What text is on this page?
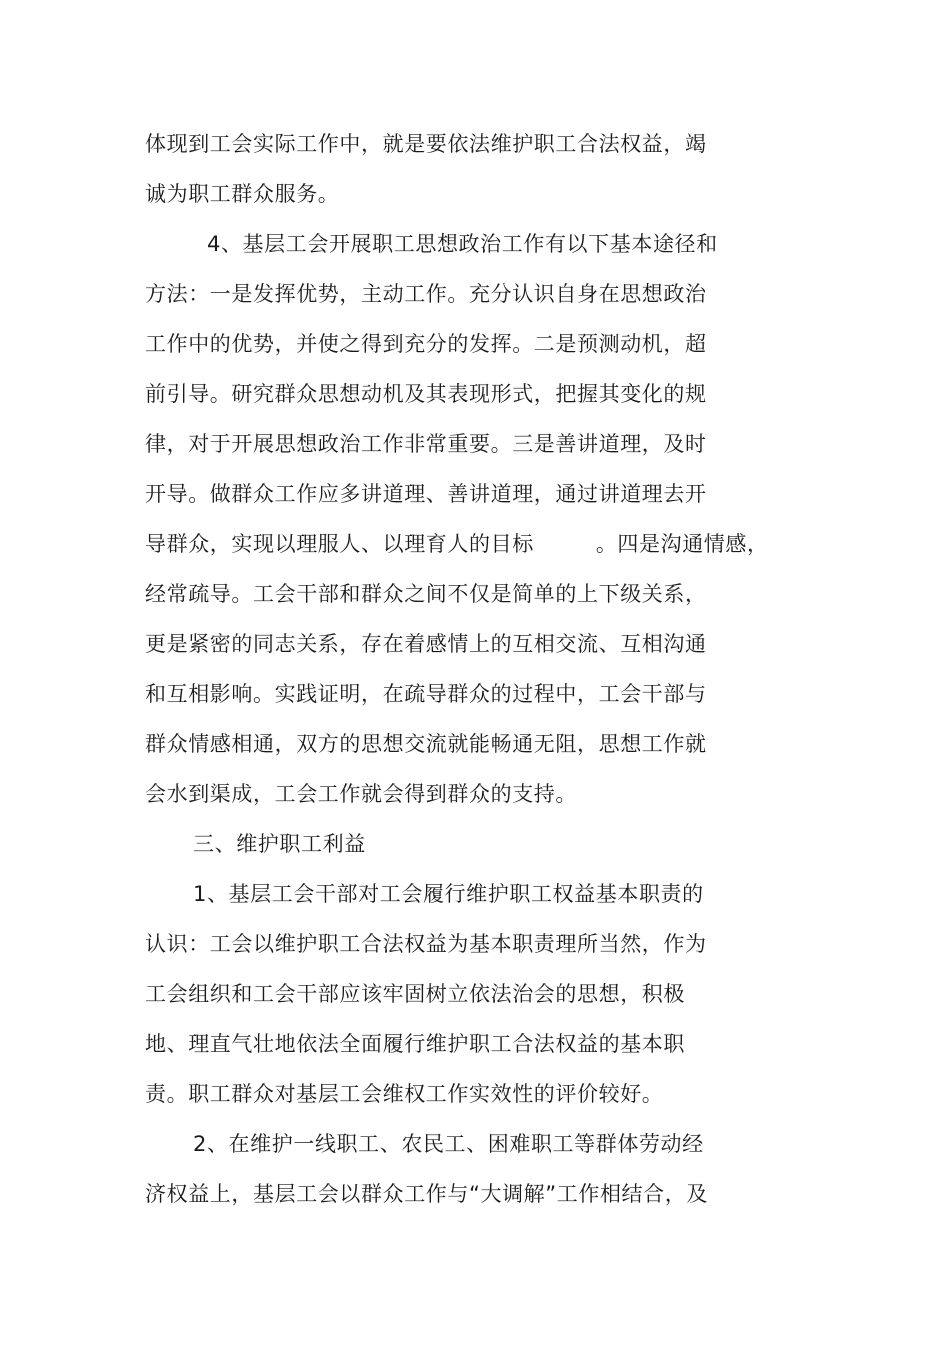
体现到工会实际工作中，就是要依法维护职工合法权益，竭
诚为职工群众服务。
4、基层工会开展职工思想政治工作有以下基本途径和
方法：一是发挥优势，主动工作。充分认识自身在思想政治
工作中的优势，并使之得到充分的发挥。二是预测动机，超
前引导。研究群众思想动机及其表现形式，把握其变化的规
律，对于开展思想政治工作非常重要。三是善讲道理，及时
开导。做群众工作应多讲道理、善讲道理，通过讲道理去开
导群众，实现以理服人、以理育人的目标	。四是沟通情感，
经常疏导。工会干部和群众之间不仅是简单的上下级关系，
更是紧密的同志关系，存在着感情上的互相交流、互相沟通
和互相影响。实践证明，在疏导群众的过程中，工会干部与
群众情感相通，双方的思想交流就能畅通无阻，思想工作就
会水到渠成，工会工作就会得到群众的支持。
三、维护职工利益
1、基层工会干部对工会履行维护职工权益基本职责的
认识：工会以维护职工合法权益为基本职责理所当然，作为
工会组织和工会干部应该牢固树立依法治会的思想，积极
地、理直气壮地依法全面履行维护职工合法权益的基本职
责。职工群众对基层工会维权工作实效性的评价较好。
2、在维护一线职工、农民工、困难职工等群体劳动经
济权益上，基层工会以群众工作与“大调解”工作相结合，及
